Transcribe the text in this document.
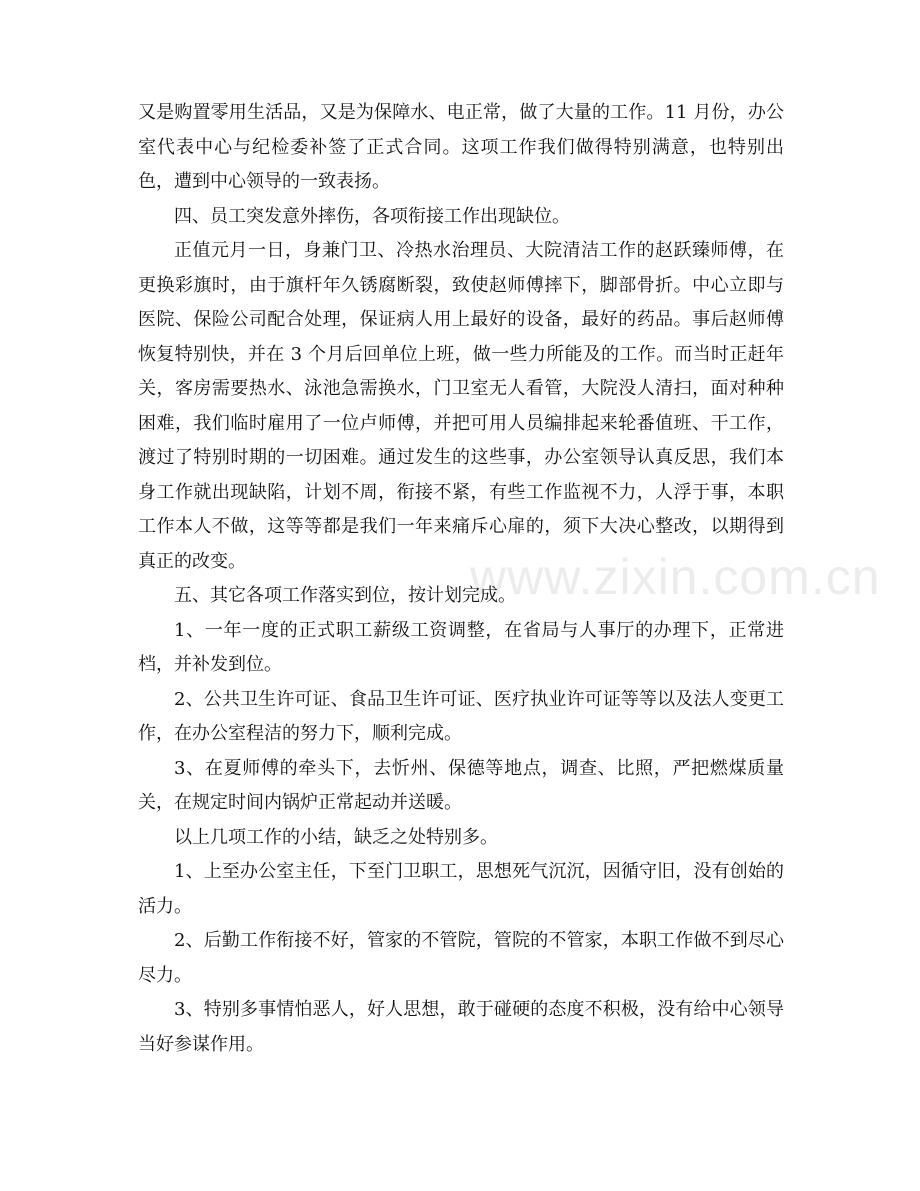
www.zixin.com.cn

又是购置零用生活品，又是为保障水、电正常，做了大量的工作。11 月份，办公室代表中心与纪检委补签了正式合同。这项工作我们做得特别满意，也特别出色，遭到中心领导的一致表扬。

四、员工突发意外摔伤，各项衔接工作出现缺位。

正值元月一日，身兼门卫、冷热水治理员、大院清洁工作的赵跃臻师傅，在更换彩旗时，由于旗杆年久锈腐断裂，致使赵师傅摔下，脚部骨折。中心立即与医院、保险公司配合处理，保证病人用上最好的设备，最好的药品。事后赵师傅恢复特别快，并在 3 个月后回单位上班，做一些力所能及的工作。而当时正赶年关，客房需要热水、泳池急需换水，门卫室无人看管，大院没人清扫，面对种种困难，我们临时雇用了一位卢师傅，并把可用人员编排起来轮番值班、干工作，渡过了特别时期的一切困难。通过发生的这些事，办公室领导认真反思，我们本身工作就出现缺陷，计划不周，衔接不紧，有些工作监视不力，人浮于事，本职工作本人不做，这等等都是我们一年来痛斥心扉的，须下大决心整改，以期得到真正的改变。

五、其它各项工作落实到位，按计划完成。

1、一年一度的正式职工薪级工资调整，在省局与人事厅的办理下，正常进档，并补发到位。

2、公共卫生许可证、食品卫生许可证、医疗执业许可证等等以及法人变更工作，在办公室程洁的努力下，顺利完成。

3、在夏师傅的牵头下，去忻州、保德等地点，调查、比照，严把燃煤质量关，在规定时间内锅炉正常起动并送暖。

以上几项工作的小结，缺乏之处特别多。

1、上至办公室主任，下至门卫职工，思想死气沉沉，因循守旧，没有创始的活力。

2、后勤工作衔接不好，管家的不管院，管院的不管家，本职工作做不到尽心尽力。

3、特别多事情怕恶人，好人思想，敢于碰硬的态度不积极，没有给中心领导当好参谋作用。
